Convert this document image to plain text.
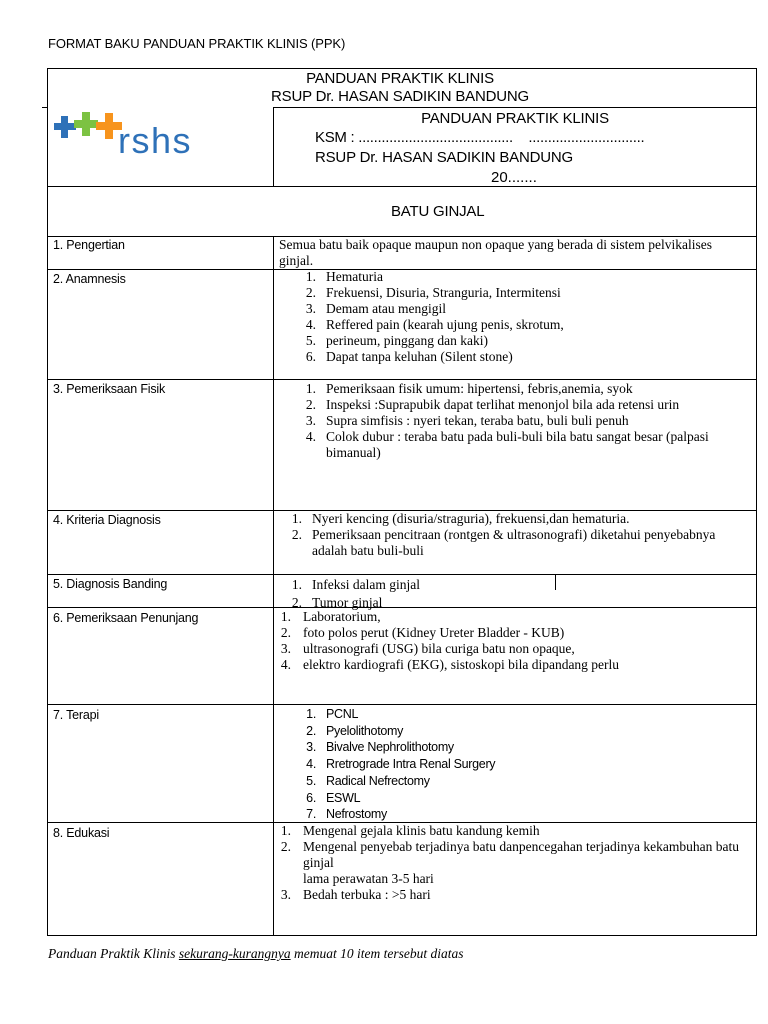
FORMAT BAKU PANDUAN PRAKTIK KLINIS (PPK)
PANDUAN PRAKTIK KLINIS
RSUP Dr. HASAN SADIKIN BANDUNG
rshs
PANDUAN PRAKTIK KLINIS
KSM : ........................................    ..............................
RSUP Dr. HASAN SADIKIN BANDUNG
20.......
BATU GINJAL
1. Pengertian	Semua batu baik opaque maupun non opaque yang berada di sistem pelvikalises ginjal.
2. Anamnesis	1. Hematuria
2. Frekuensi, Disuria, Stranguria, Intermitensi
3. Demam atau mengigil
4. Reffered pain (kearah ujung penis, skrotum,
5. perineum, pinggang dan kaki)
6. Dapat tanpa keluhan (Silent stone)
3. Pemeriksaan Fisik	1. Pemeriksaan fisik umum: hipertensi, febris,anemia, syok
2. Inspeksi :Suprapubik dapat terlihat menonjol bila ada retensi urin
3. Supra simfisis : nyeri tekan, teraba batu, buli buli penuh
4. Colok dubur : teraba batu pada buli-buli bila batu sangat besar (palpasi bimanual)
4. Kriteria Diagnosis	1. Nyeri kencing (disuria/straguria), frekuensi,dan hematuria.
2. Pemeriksaan pencitraan (rontgen & ultrasonografi) diketahui penyebabnya adalah batu buli-buli
5. Diagnosis Banding	1. Infeksi dalam ginjal
2. Tumor ginjal
6. Pemeriksaan Penunjang	1. Laboratorium,
2. foto polos perut (Kidney Ureter Bladder - KUB)
3. ultrasonografi (USG) bila curiga batu non opaque,
4. elektro kardiografi (EKG), sistoskopi bila dipandang perlu
7. Terapi	1. PCNL
2. Pyelolithotomy
3. Bivalve Nephrolithotomy
4. Rretrograde Intra Renal Surgery
5. Radical Nefrectomy
6. ESWL
7. Nefrostomy
8. Edukasi	1. Mengenal gejala klinis batu kandung kemih
2. Mengenal penyebab terjadinya batu danpencegahan terjadinya kekambuhan batu ginjal
lama perawatan 3-5 hari
3. Bedah terbuka : >5 hari
Panduan Praktik Klinis sekurang-kurangnya memuat 10 item tersebut diatas
